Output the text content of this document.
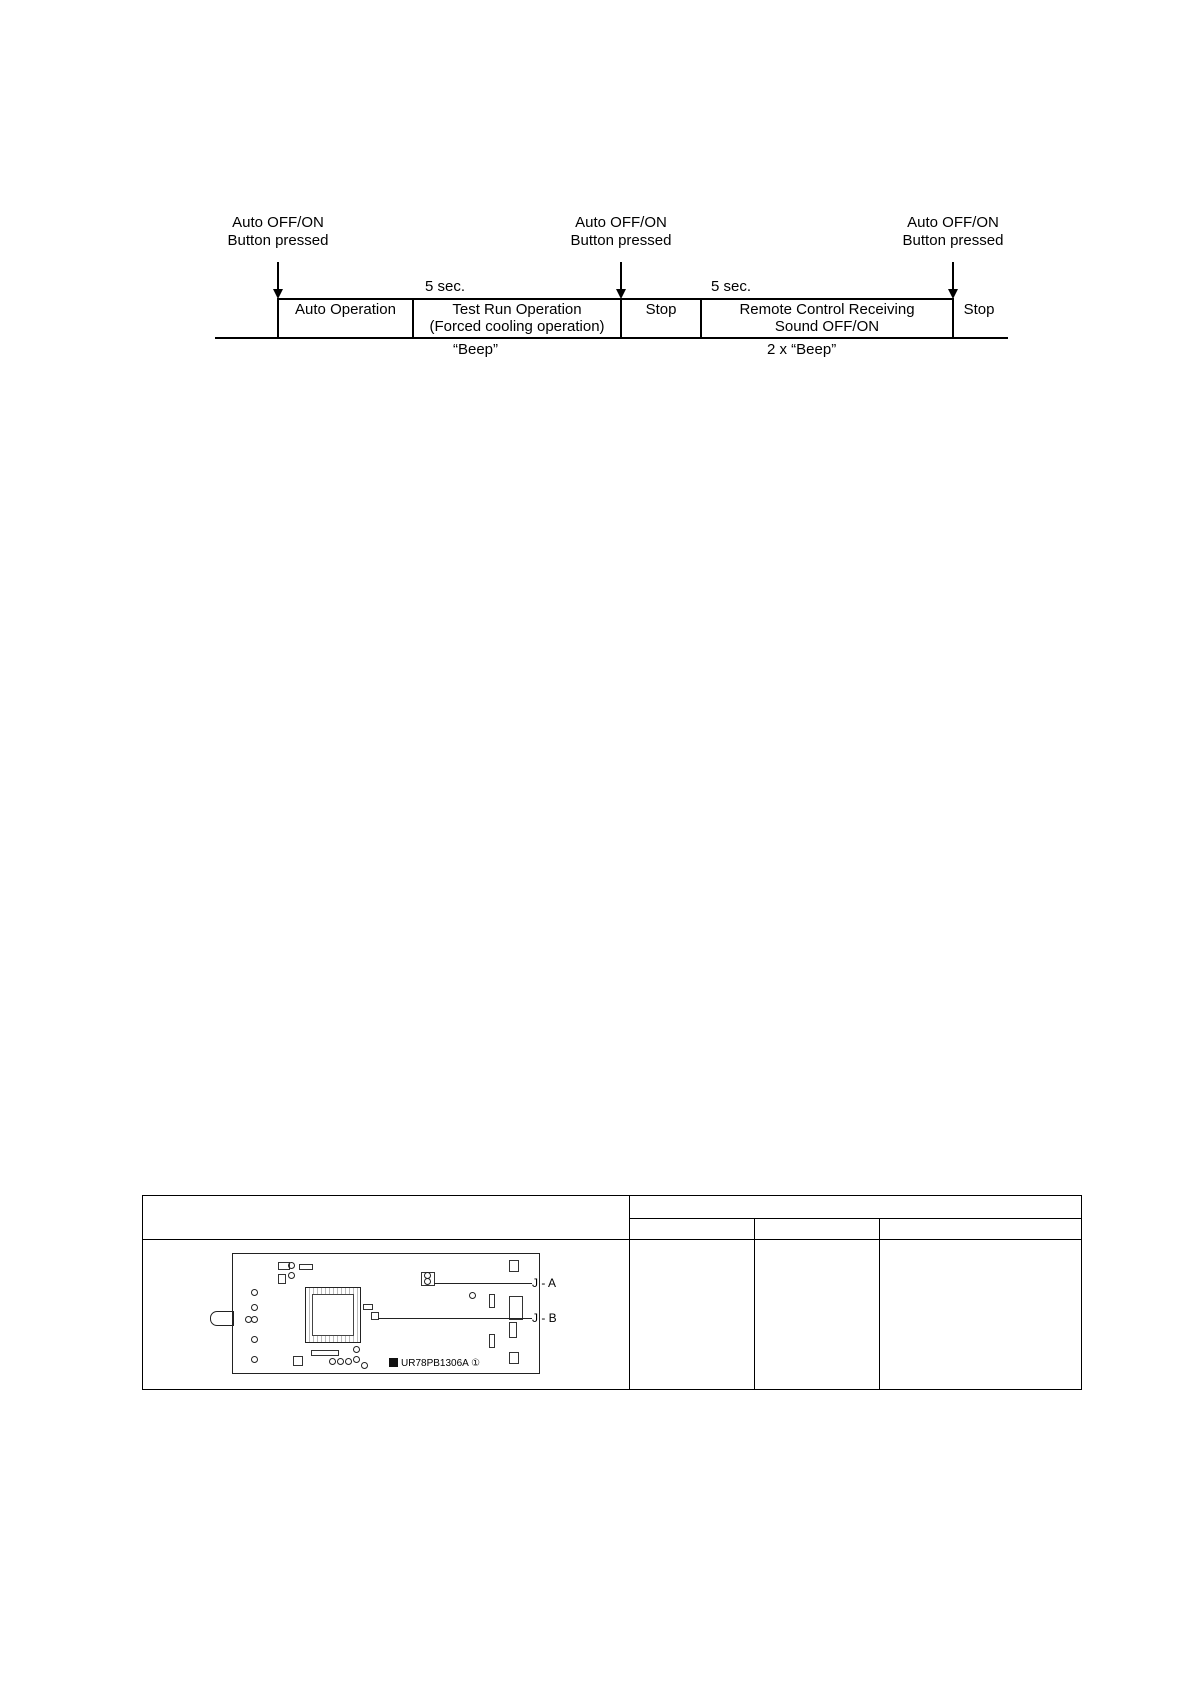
Auto OFF/ON
Button pressed
Auto OFF/ON
Button pressed
Auto OFF/ON
Button pressed
5 sec.	5 sec.
Auto Operation	Test Run Operation
(Forced cooling operation)
Stop	Remote Control Receiving
Sound OFF/ON
Stop
“Beep”	2 x “Beep”
UR78PB1306A ①
J - A
J - B
